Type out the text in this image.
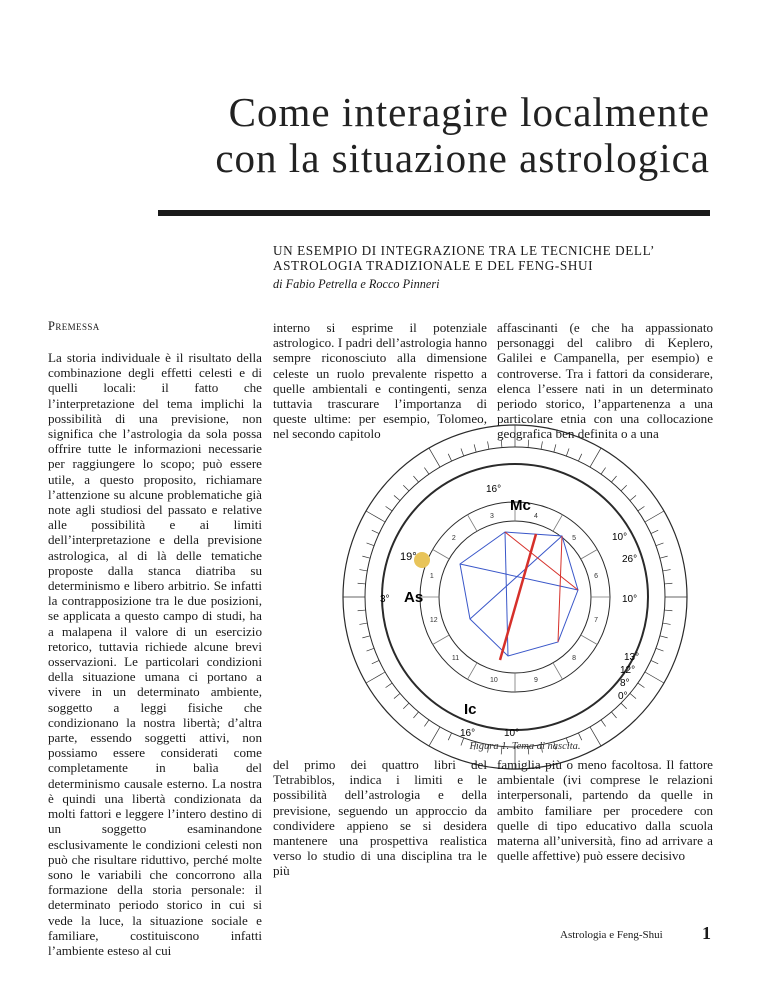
Come interagire localmente
con la situazione astrologica
UN ESEMPIO DI INTEGRAZIONE TRA LE TECNICHE DELL’ ASTROLOGIA TRADIZIONALE E DEL FENG-SHUI
di Fabio Petrella e Rocco Pinneri
Premessa
La storia individuale è il risultato della combinazione degli effetti celesti e di quelli locali: il fatto che l’interpretazione del tema implichi la possibilità di una previsione, non significa che l’astrologia da sola possa offrire tutte le informazioni necessarie per raggiungere lo scopo; può essere utile, a questo proposito, richiamare l’attenzione su alcune problematiche già note agli studiosi del passato e relative alle possibilità e ai limiti dell’interpretazione e della previsione astrologica, al di là delle tematiche proposte dalla stanca diatriba su determinismo e libero arbitrio. Se infatti la contrapposizione tra le due posizioni, se applicata a questo campo di studi, ha a malapena il valore di un esercizio retorico, tuttavia richiede alcune brevi osservazioni. Le particolari condizioni della situazione umana ci portano a vivere in un determinato ambiente, soggetto a leggi fisiche che condizionano la nostra libertà; d’altra parte, essendo soggetti attivi, non possiamo essere considerati come completamente in balìa del determinismo causale esterno. La nostra è quindi una libertà condizionata da molti fattori e leggere l’intero destino di un soggetto esaminandone esclusivamente le condizioni celesti non può che risultare riduttivo, perché molte sono le variabili che concorrono alla formazione della storia personale: il determinato periodo storico in cui si vede la luce, la situazione sociale e familiare, costituiscono infatti l’ambiente esteso al cui
interno si esprime il potenziale astrologico. I padri dell’astrologia hanno sempre riconosciuto alla dimensione celeste un ruolo prevalente rispetto a quelle ambientali e contingenti, senza tuttavia trascurare l’importanza di queste ultime: per esempio, Tolomeo, nel secondo capitolo
affascinanti (e che ha appassionato personaggi del calibro di Keplero, Galilei e Campanella, per esempio) e controverse. Tra i fattori da considerare, elenca l’essere nati in un determinato periodo storico, l’appartenenza a una particolare etnia con una collocazione geografica ben definita o a una
19°
Mc
16°
Ic
16°
As
3°
10°
10°
26°
10°
13°
12°
8°
0°
1
2
3	4
5
6
7
8
9
10
11
12
Figura 1. Tema di nascita.
del primo dei quattro libri del Tetrabiblos, indica i limiti e le possibilità dell’astrologia e della previsione, seguendo un approccio da condividere appieno se si desidera mantenere una prospettiva realistica verso lo studio di una disciplina tra le più
famiglia più o meno facoltosa. Il fattore ambientale (ivi comprese le relazioni interpersonali, partendo da quelle in ambito familiare per procedere con quelle di tipo educativo dalla scuola materna all’università, fino ad arrivare a quelle affettive) può essere decisivo
Astrologia e Feng-Shui 1
